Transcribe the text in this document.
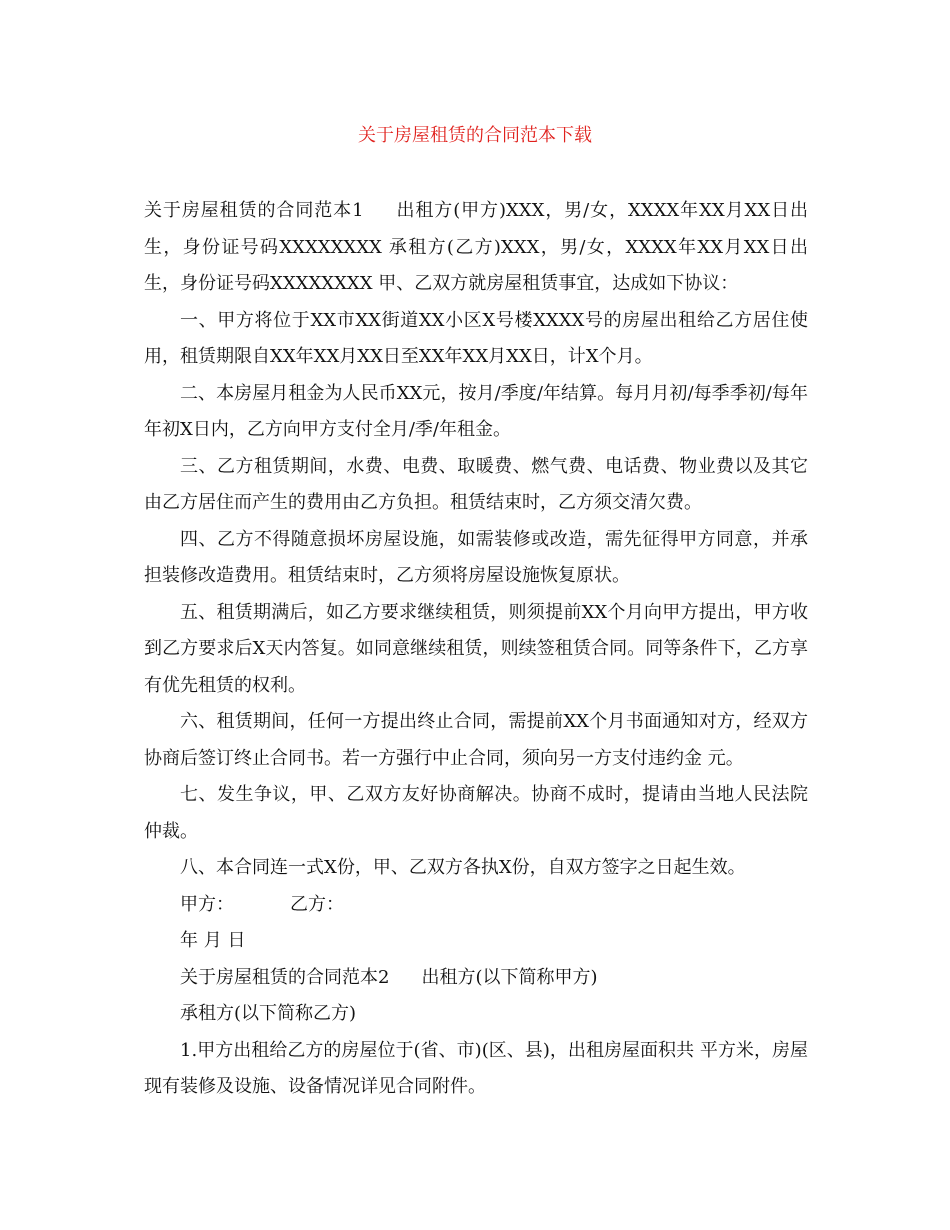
关于房屋租赁的合同范本下载

关于房屋租赁的合同范本1 出租方(甲方)XXX，男/女，XXXX年XX月XX日出生，身份证号码XXXXXXXX 承租方(乙方)XXX，男/女，XXXX年XX月XX日出生，身份证号码XXXXXXXX 甲、乙双方就房屋租赁事宜，达成如下协议：

一、甲方将位于XX市XX街道XX小区X号楼XXXX号的房屋出租给乙方居住使用，租赁期限自XX年XX月XX日至XX年XX月XX日，计X个月。

二、本房屋月租金为人民币XX元，按月/季度/年结算。每月月初/每季季初/每年年初X日内，乙方向甲方支付全月/季/年租金。

三、乙方租赁期间，水费、电费、取暖费、燃气费、电话费、物业费以及其它由乙方居住而产生的费用由乙方负担。租赁结束时，乙方须交清欠费。

四、乙方不得随意损坏房屋设施，如需装修或改造，需先征得甲方同意，并承担装修改造费用。租赁结束时，乙方须将房屋设施恢复原状。

五、租赁期满后，如乙方要求继续租赁，则须提前XX个月向甲方提出，甲方收到乙方要求后X天内答复。如同意继续租赁，则续签租赁合同。同等条件下，乙方享有优先租赁的权利。

六、租赁期间，任何一方提出终止合同，需提前XX个月书面通知对方，经双方协商后签订终止合同书。若一方强行中止合同，须向另一方支付违约金 元。

七、发生争议，甲、乙双方友好协商解决。协商不成时，提请由当地人民法院仲裁。

八、本合同连一式X份，甲、乙双方各执X份，自双方签字之日起生效。

甲方：	乙方：

年 月 日

关于房屋租赁的合同范本2 出租方(以下简称甲方)

承租方(以下简称乙方)

1.甲方出租给乙方的房屋位于(省、市)(区、县)，出租房屋面积共 平方米，房屋现有装修及设施、设备情况详见合同附件。
